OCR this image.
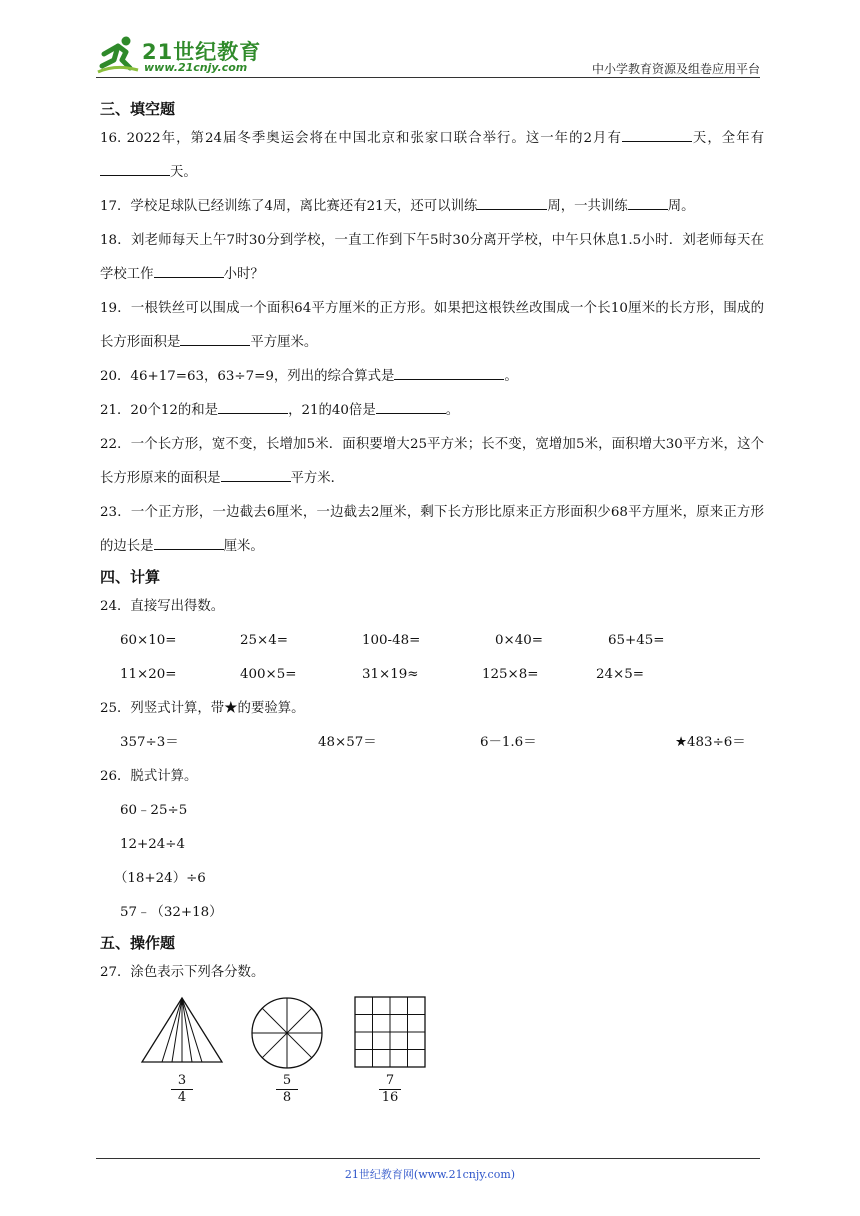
21世纪教育
www.21cnjy.com	中小学教育资源及组卷应用平台

三、填空题

16. 2022年，第24届冬季奥运会将在中国北京和张家口联合举行。这一年的2月有	天，全年有天。

17．学校足球队已经训练了4周，离比赛还有21天，还可以训练	周，一共训练	周。

18．刘老师每天上午7时30分到学校，一直工作到下午5时30分离开学校，中午只休息1.5小时．刘老师每天在学校工作	小时？

19．一根铁丝可以围成一个面积64平方厘米的正方形。如果把这根铁丝改围成一个长10厘米的长方形，围成的长方形面积是	平方厘米。

20．46+17=63，63÷7=9，列出的综合算式是	。

21．20个12的和是	，21的40倍是	。

22．一个长方形，宽不变，长增加5米．面积要增大25平方米；长不变，宽增加5米，面积增大30平方米，这个长方形原来的面积是	平方米．

23．一个正方形，一边截去6厘米，一边截去2厘米，剩下长方形比原来正方形面积少68平方厘米，原来正方形的边长是	厘米。

四、计算

24．直接写出得数。

60×10=	25×4=	100-48=	0×40=	65+45=
11×20=	400×5=	31×19≈	125×8=	24×5=

25．列竖式计算，带★的要验算。

357÷3＝	48×57＝	6－1.6＝	★483÷6＝

26．脱式计算。

60﹣25÷5
12+24÷4
（18+24）÷6
57﹣（32+18）

五、操作题

27．涂色表示下列各分数。

3
4
5
8
7
16
21世纪教育网(www.21cnjy.com)
